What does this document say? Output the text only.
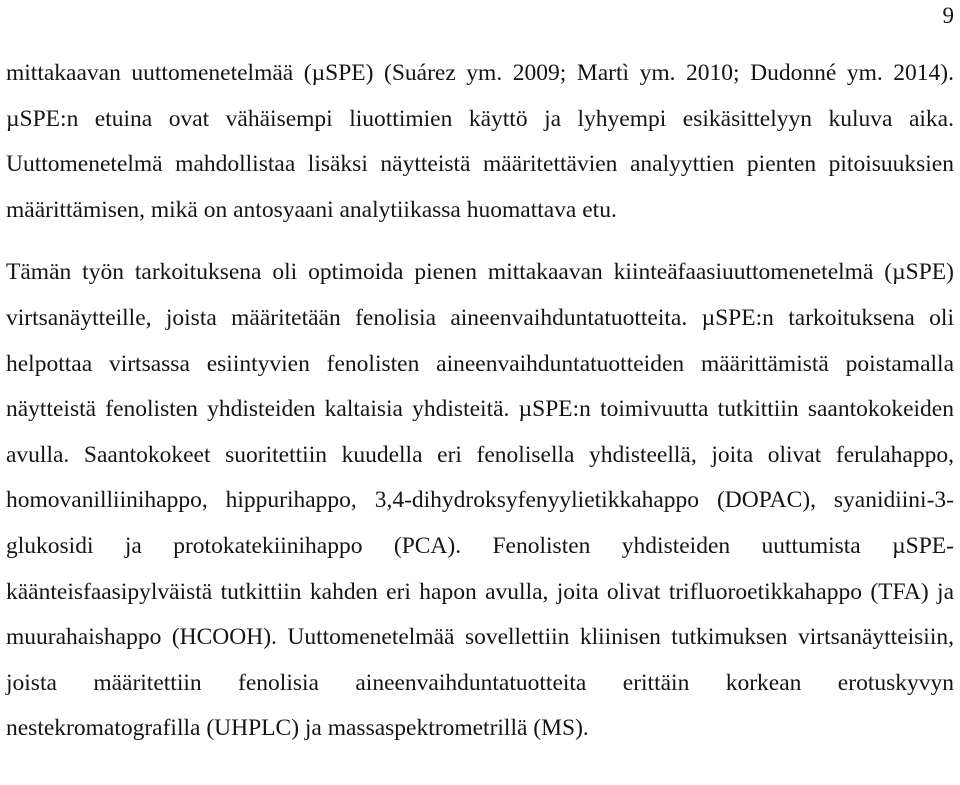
9

mittakaavan uuttomenetelmää (µSPE) (Suárez ym. 2009; Martì ym. 2010; Dudonné ym. 2014). µSPE:n etuina ovat vähäisempi liuottimien käyttö ja lyhyempi esikäsittelyyn kuluva aika. Uuttomenetelmä mahdollistaa lisäksi näytteistä määritettävien analyyttien pienten pitoisuuksien määrittämisen, mikä on antosyaani analytiikassa huomattava etu.

Tämän työn tarkoituksena oli optimoida pienen mittakaavan kiinteäfaasiuuttomenetelmä (µSPE) virtsanäytteille, joista määritetään fenolisia aineenvaihduntatuotteita. µSPE:n tarkoituksena oli helpottaa virtsassa esiintyvien fenolisten aineenvaihduntatuotteiden määrittämistä poistamalla näytteistä fenolisten yhdisteiden kaltaisia yhdisteitä. µSPE:n toimivuutta tutkittiin saantokokeiden avulla. Saantokokeet suoritettiin kuudella eri fenolisella yhdisteellä, joita olivat ferulahappo, homovanilliinihappo, hippurihappo, 3,4-dihydroksyfenyylietikkahappo (DOPAC), syanidiini-3-glukosidi ja protokatekiinihappo (PCA). Fenolisten yhdisteiden uuttumista µSPE-käänteisfaasipylväistä tutkittiin kahden eri hapon avulla, joita olivat trifluoroetikkahappo (TFA) ja muurahaishappo (HCOOH). Uuttomenetelmää sovellettiin kliinisen tutkimuksen virtsanäytteisiin, joista määritettiin fenolisia aineenvaihduntatuotteita erittäin korkean erotuskyvyn nestekromatografilla (UHPLC) ja massaspektrometrillä (MS).
